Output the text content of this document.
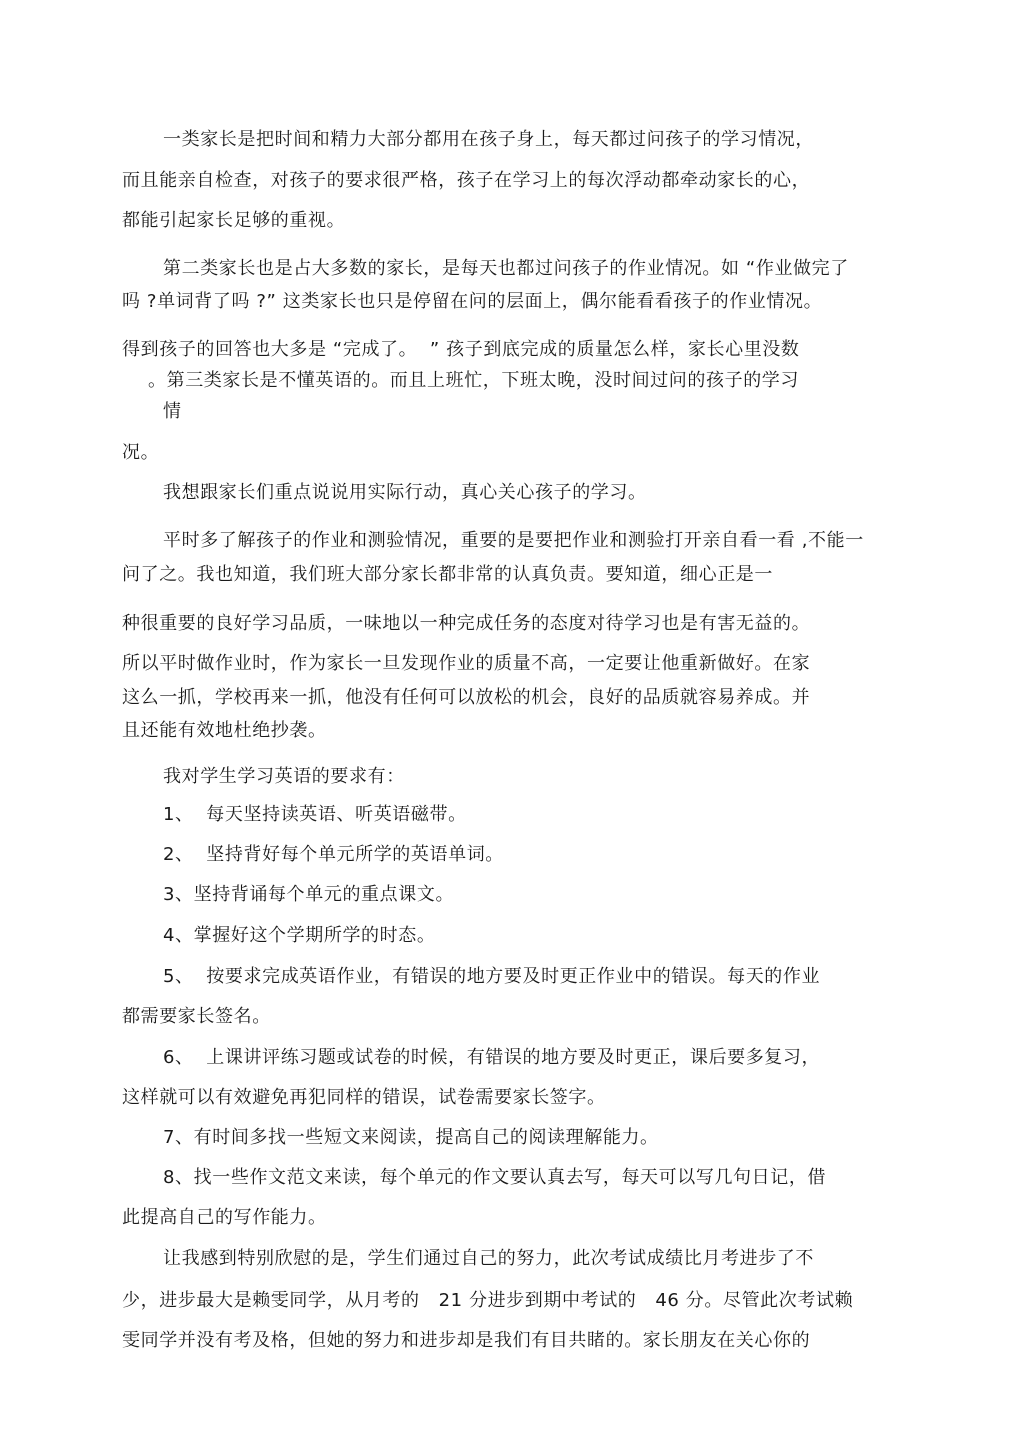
一类家长是把时间和精力大部分都用在孩子身上，每天都过问孩子的学习情况，
而且能亲自检查，对孩子的要求很严格，孩子在学习上的每次浮动都牵动家长的心，
都能引起家长足够的重视。
第二类家长也是占大多数的家长，是每天也都过问孩子的作业情况。如 “作业做完了
吗 ?单词背了吗 ?” 这类家长也只是停留在问的层面上，偶尔能看看孩子的作业情况。
得到孩子的回答也大多是 “完成了。  ” 孩子到底完成的质量怎么样，家长心里没数
。第三类家长是不懂英语的。而且上班忙，下班太晚，没时间过问的孩子的学习
情
况。
我想跟家长们重点说说用实际行动，真心关心孩子的学习。
平时多了解孩子的作业和测验情况，重要的是要把作业和测验打开亲自看一看 ,不能一
问了之。我也知道，我们班大部分家长都非常的认真负责。要知道，细心正是一
种很重要的良好学习品质，一味地以一种完成任务的态度对待学习也是有害无益的。
所以平时做作业时，作为家长一旦发现作业的质量不高，一定要让他重新做好。在家
这么一抓，学校再来一抓，他没有任何可以放松的机会，良好的品质就容易养成。并
且还能有效地杜绝抄袭。
我对学生学习英语的要求有：
1、  每天坚持读英语、听英语磁带。
2、  坚持背好每个单元所学的英语单词。
3、坚持背诵每个单元的重点课文。
4、掌握好这个学期所学的时态。
5、  按要求完成英语作业，有错误的地方要及时更正作业中的错误。每天的作业
都需要家长签名。
6、  上课讲评练习题或试卷的时候，有错误的地方要及时更正，课后要多复习，
这样就可以有效避免再犯同样的错误，试卷需要家长签字。
7、有时间多找一些短文来阅读，提高自己的阅读理解能力。
8、找一些作文范文来读，每个单元的作文要认真去写，每天可以写几句日记，借
此提高自己的写作能力。
让我感到特别欣慰的是，学生们通过自己的努力，此次考试成绩比月考进步了不
少，进步最大是赖雯同学，从月考的   21 分进步到期中考试的   46 分。尽管此次考试赖
雯同学并没有考及格，但她的努力和进步却是我们有目共睹的。家长朋友在关心你的
